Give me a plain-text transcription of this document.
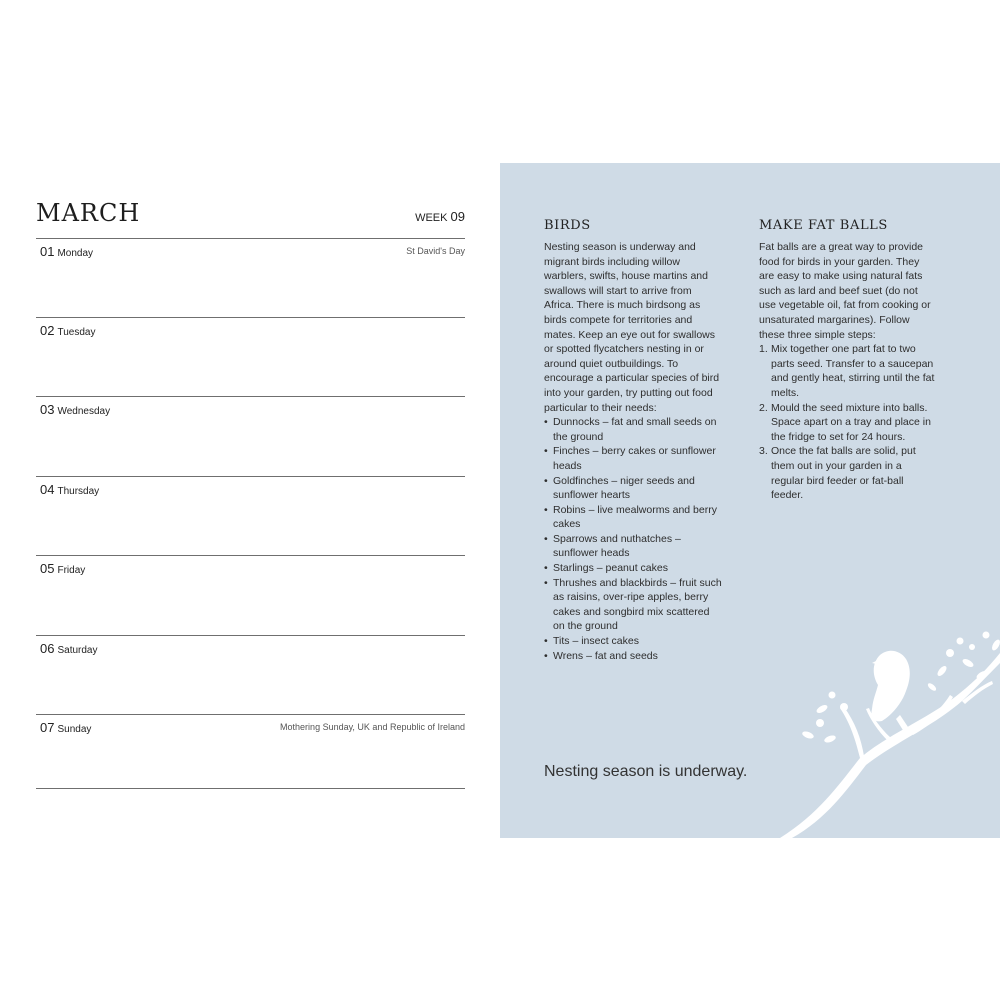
MARCH	WEEK 09
01 Monday	St David's Day
02 Tuesday
03 Wednesday
04 Thursday
05 Friday
06 Saturday
07 Sunday	Mothering Sunday, UK and Republic of Ireland
BIRDS

Nesting season is underway and migrant birds including willow warblers, swifts, house martins and swallows will start to arrive from Africa. There is much birdsong as birds compete for territories and mates. Keep an eye out for swallows or spotted flycatchers nesting in or around quiet outbuildings. To encourage a particular species of bird into your garden, try putting out food particular to their needs:

• Dunnocks – fat and small seeds on the ground
• Finches – berry cakes or sunflower heads
• Goldfinches – niger seeds and sunflower hearts
• Robins – live mealworms and berry cakes
• Sparrows and nuthatches – sunflower heads
• Starlings – peanut cakes
• Thrushes and blackbirds – fruit such as raisins, over-ripe apples, berry cakes and songbird mix scattered on the ground
• Tits – insect cakes
• Wrens – fat and seeds
MAKE FAT BALLS

Fat balls are a great way to provide food for birds in your garden. They are easy to make using natural fats such as lard and beef suet (do not use vegetable oil, fat from cooking or unsaturated margarines). Follow these three simple steps:

1. Mix together one part fat to two parts seed. Transfer to a saucepan and gently heat, stirring until the fat melts.
2. Mould the seed mixture into balls. Space apart on a tray and place in the fridge to set for 24 hours.
3. Once the fat balls are solid, put them out in your garden in a regular bird feeder or fat-ball feeder.
Nesting season is underway.
